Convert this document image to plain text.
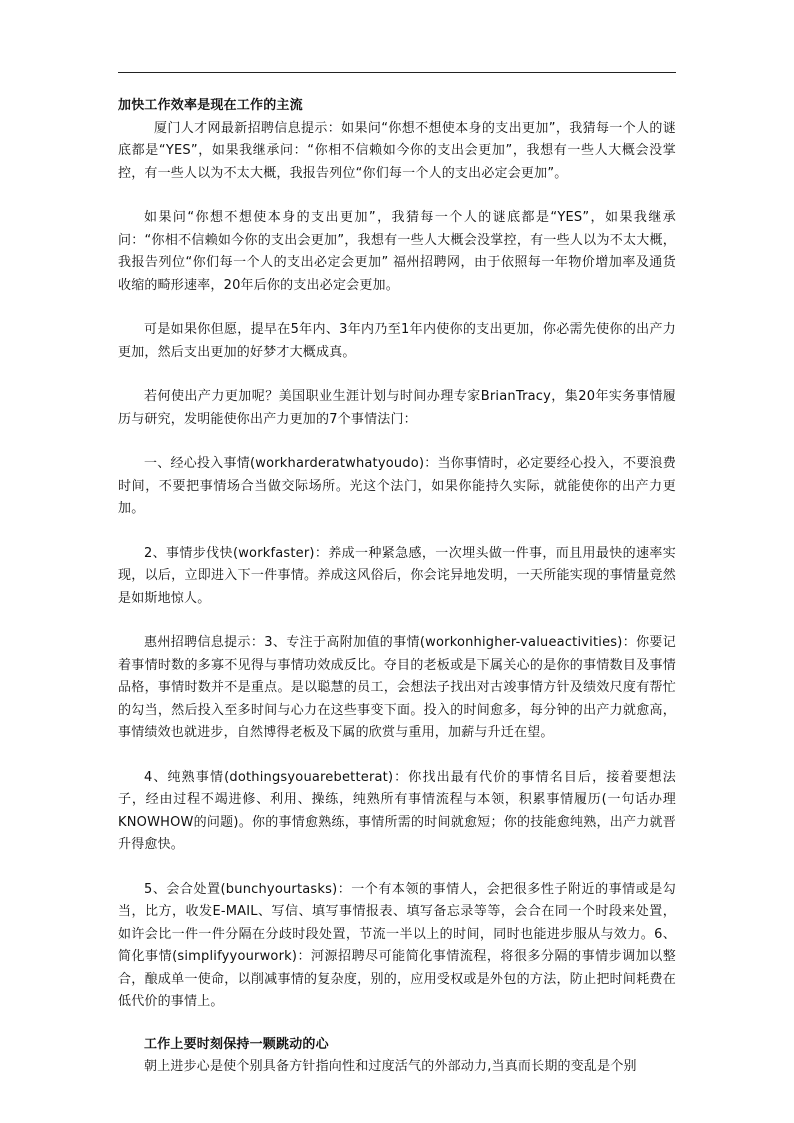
加快工作效率是现在工作的主流

厦门人才网最新招聘信息提示：如果问“你想不想使本身的支出更加”，我猜每一个人的谜底都是“YES”，如果我继承问：“你相不信赖如今你的支出会更加”，我想有一些人大概会没掌控，有一些人以为不太大概，我报告列位“你们每一个人的支出必定会更加”。

如果问“你想不想使本身的支出更加”，我猜每一个人的谜底都是“YES”，如果我继承问：“你相不信赖如今你的支出会更加”，我想有一些人大概会没掌控，有一些人以为不太大概，我报告列位“你们每一个人的支出必定会更加” 福州招聘网，由于依照每一年物价增加率及通货收缩的畸形速率，20年后你的支出必定会更加。

可是如果你但愿，提早在5年内、3年内乃至1年内使你的支出更加，你必需先使你的出产力更加，然后支出更加的好梦才大概成真。

若何使出产力更加呢？美国职业生涯计划与时间办理专家BrianTracy，集20年实务事情履历与研究，发明能使你出产力更加的7个事情法门：

一、经心投入事情(workharderatwhatyoudo)：当你事情时，必定要经心投入，不要浪费时间，不要把事情场合当做交际场所。光这个法门，如果你能持久实际，就能使你的出产力更加。

2、事情步伐快(workfaster)：养成一种紧急感，一次埋头做一件事，而且用最快的速率实现，以后，立即进入下一件事情。养成这风俗后，你会诧异地发明，一天所能实现的事情量竟然是如斯地惊人。

惠州招聘信息提示：3、专注于高附加值的事情(workonhigher-valueactivities)：你要记着事情时数的多寡不见得与事情功效成反比。夺目的老板或是下属关心的是你的事情数目及事情品格，事情时数并不是重点。是以聪慧的员工，会想法子找出对古竣事情方针及绩效尺度有帮忙的勾当，然后投入至多时间与心力在这些事变下面。投入的时间愈多，每分钟的出产力就愈高，事情绩效也就进步，自然博得老板及下属的欣赏与重用，加薪与升迁在望。

4、纯熟事情(dothingsyouarebetterat)：你找出最有代价的事情名目后，接着要想法子，经由过程不竭进修、利用、操练，纯熟所有事情流程与本领，积累事情履历(一句话办理KNOWHOW的问题)。你的事情愈熟练，事情所需的时间就愈短；你的技能愈纯熟，出产力就晋升得愈快。

5、会合处置(bunchyourtasks)：一个有本领的事情人，会把很多性子附近的事情或是勾当，比方，收发E-MAIL、写信、填写事情报表、填写备忘录等等，会合在同一个时段来处置，如许会比一件一件分隔在分歧时段处置，节流一半以上的时间，同时也能进步服从与效力。6、简化事情(simplifyyourwork)：河源招聘尽可能简化事情流程，将很多分隔的事情步调加以整合，酿成单一使命，以削减事情的复杂度，别的，应用受权或是外包的方法，防止把时间耗费在低代价的事情上。

工作上要时刻保持一颗跳动的心

朝上进步心是使个别具备方针指向性和过度活气的外部动力,当真而长期的变乱是个别
